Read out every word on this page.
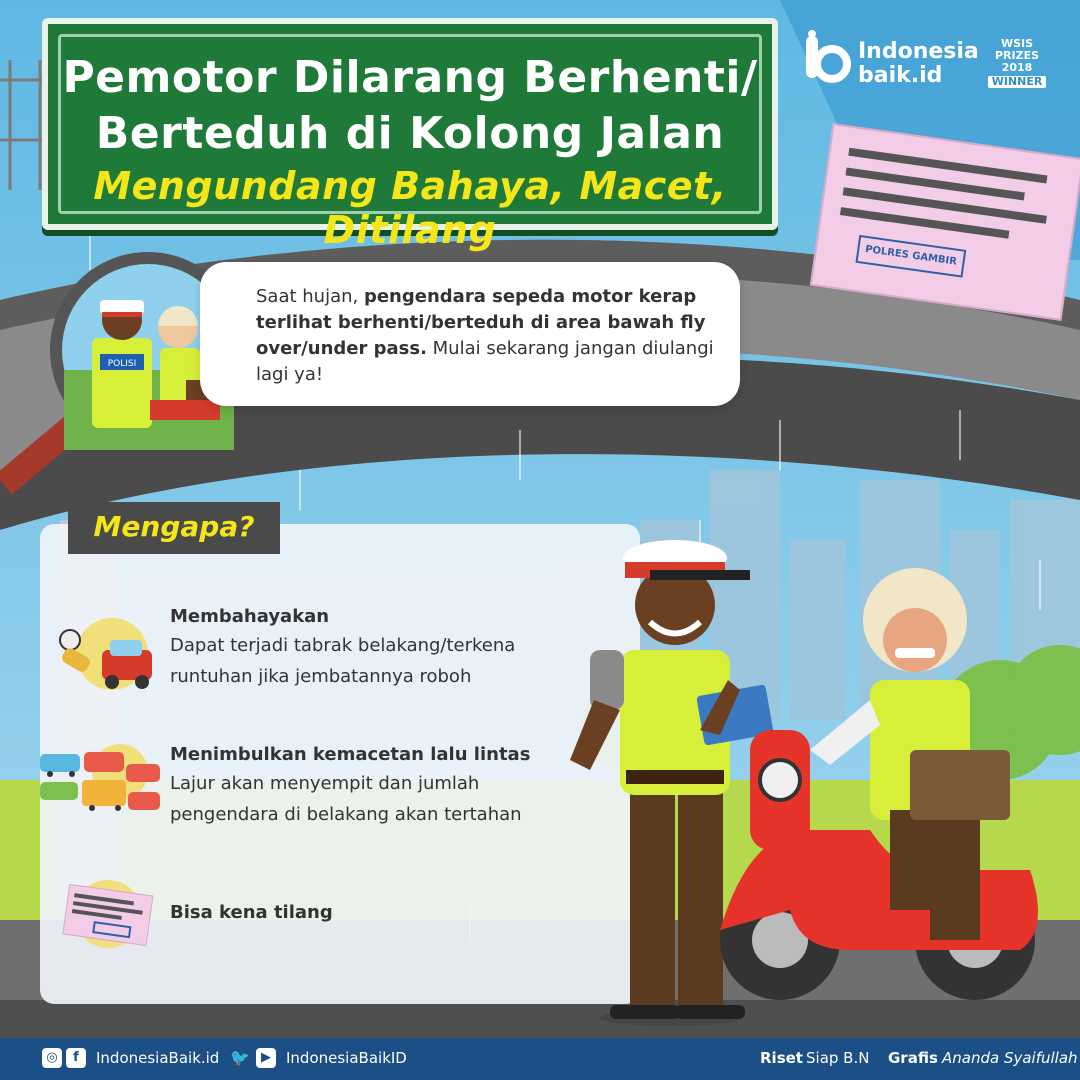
POLRES GAMBIR
Pemotor Dilarang Berhenti/
Berteduh di Kolong Jalan
Mengundang Bahaya, Macet, Ditilang
Indonesia
baik.id
WSIS
PRIZES
2018
WINNER
POLISI
Saat hujan, pengendara sepeda motor kerap terlihat berhenti/berteduh di area bawah fly over/under pass. Mulai sekarang jangan diulangi lagi ya!
Mengapa?
Membahayakan
Dapat terjadi tabrak belakang/terkena runtuhan jika jembatannya roboh
Menimbulkan kemacetan lalu lintas
Lajur akan menyempit dan jumlah pengendara di belakang akan tertahan
Bisa kena tilang
◎	f	IndonesiaBaik.id 🐦 ▶	IndonesiaBaikID	Riset Siap B.N Grafis Ananda Syaifullah
